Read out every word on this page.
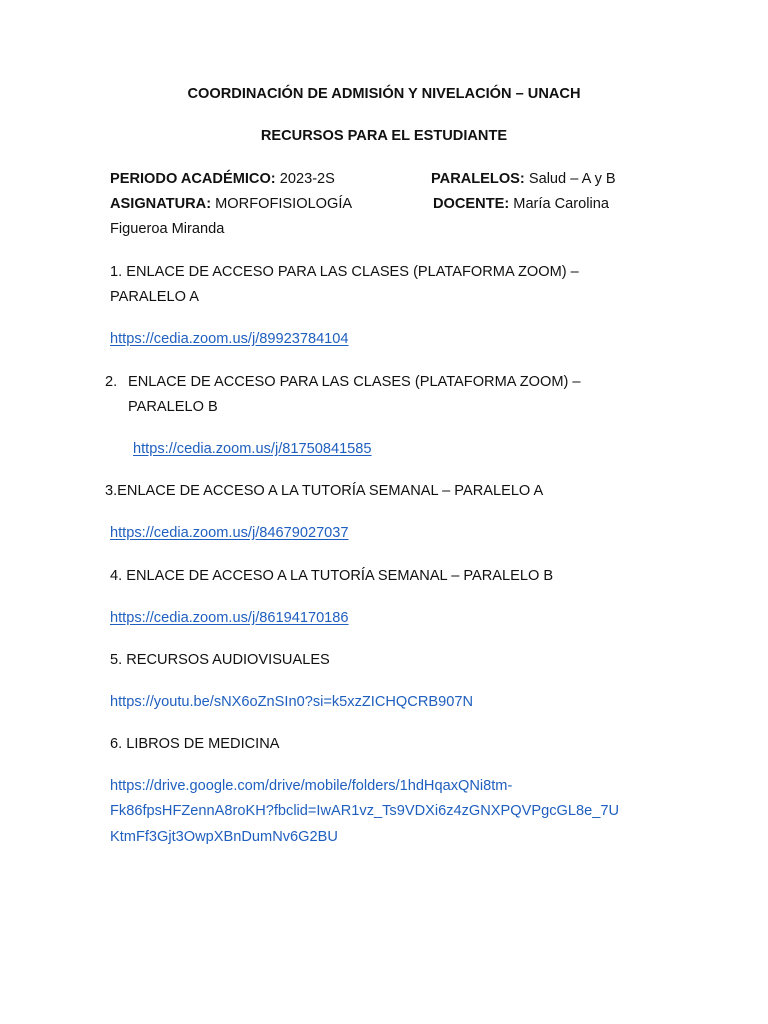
COORDINACIÓN DE ADMISIÓN Y NIVELACIÓN – UNACH
RECURSOS PARA EL ESTUDIANTE
PERIODO ACADÉMICO: 2023-2S	PARALELOS: Salud – A y B
ASIGNATURA: MORFOFISIOLOGÍA	DOCENTE: María Carolina
Figueroa Miranda
1. ENLACE DE ACCESO PARA LAS CLASES (PLATAFORMA ZOOM) –
PARALELO A
https://cedia.zoom.us/j/89923784104
2. ENLACE DE ACCESO PARA LAS CLASES (PLATAFORMA ZOOM) –
PARALELO B
https://cedia.zoom.us/j/81750841585
3.ENLACE DE ACCESO A LA TUTORÍA SEMANAL – PARALELO A
https://cedia.zoom.us/j/84679027037
4. ENLACE DE ACCESO A LA TUTORÍA SEMANAL – PARALELO B
https://cedia.zoom.us/j/86194170186
5. RECURSOS AUDIOVISUALES
https://youtu.be/sNX6oZnSIn0?si=k5xzZICHQCRB907N
6. LIBROS DE MEDICINA
https://drive.google.com/drive/mobile/folders/1hdHqaxQNi8tm-
Fk86fpsHFZennA8roKH?fbclid=IwAR1vz_Ts9VDXi6z4zGNXPQVPgcGL8e_7U
KtmFf3Gjt3OwpXBnDumNv6G2BU
